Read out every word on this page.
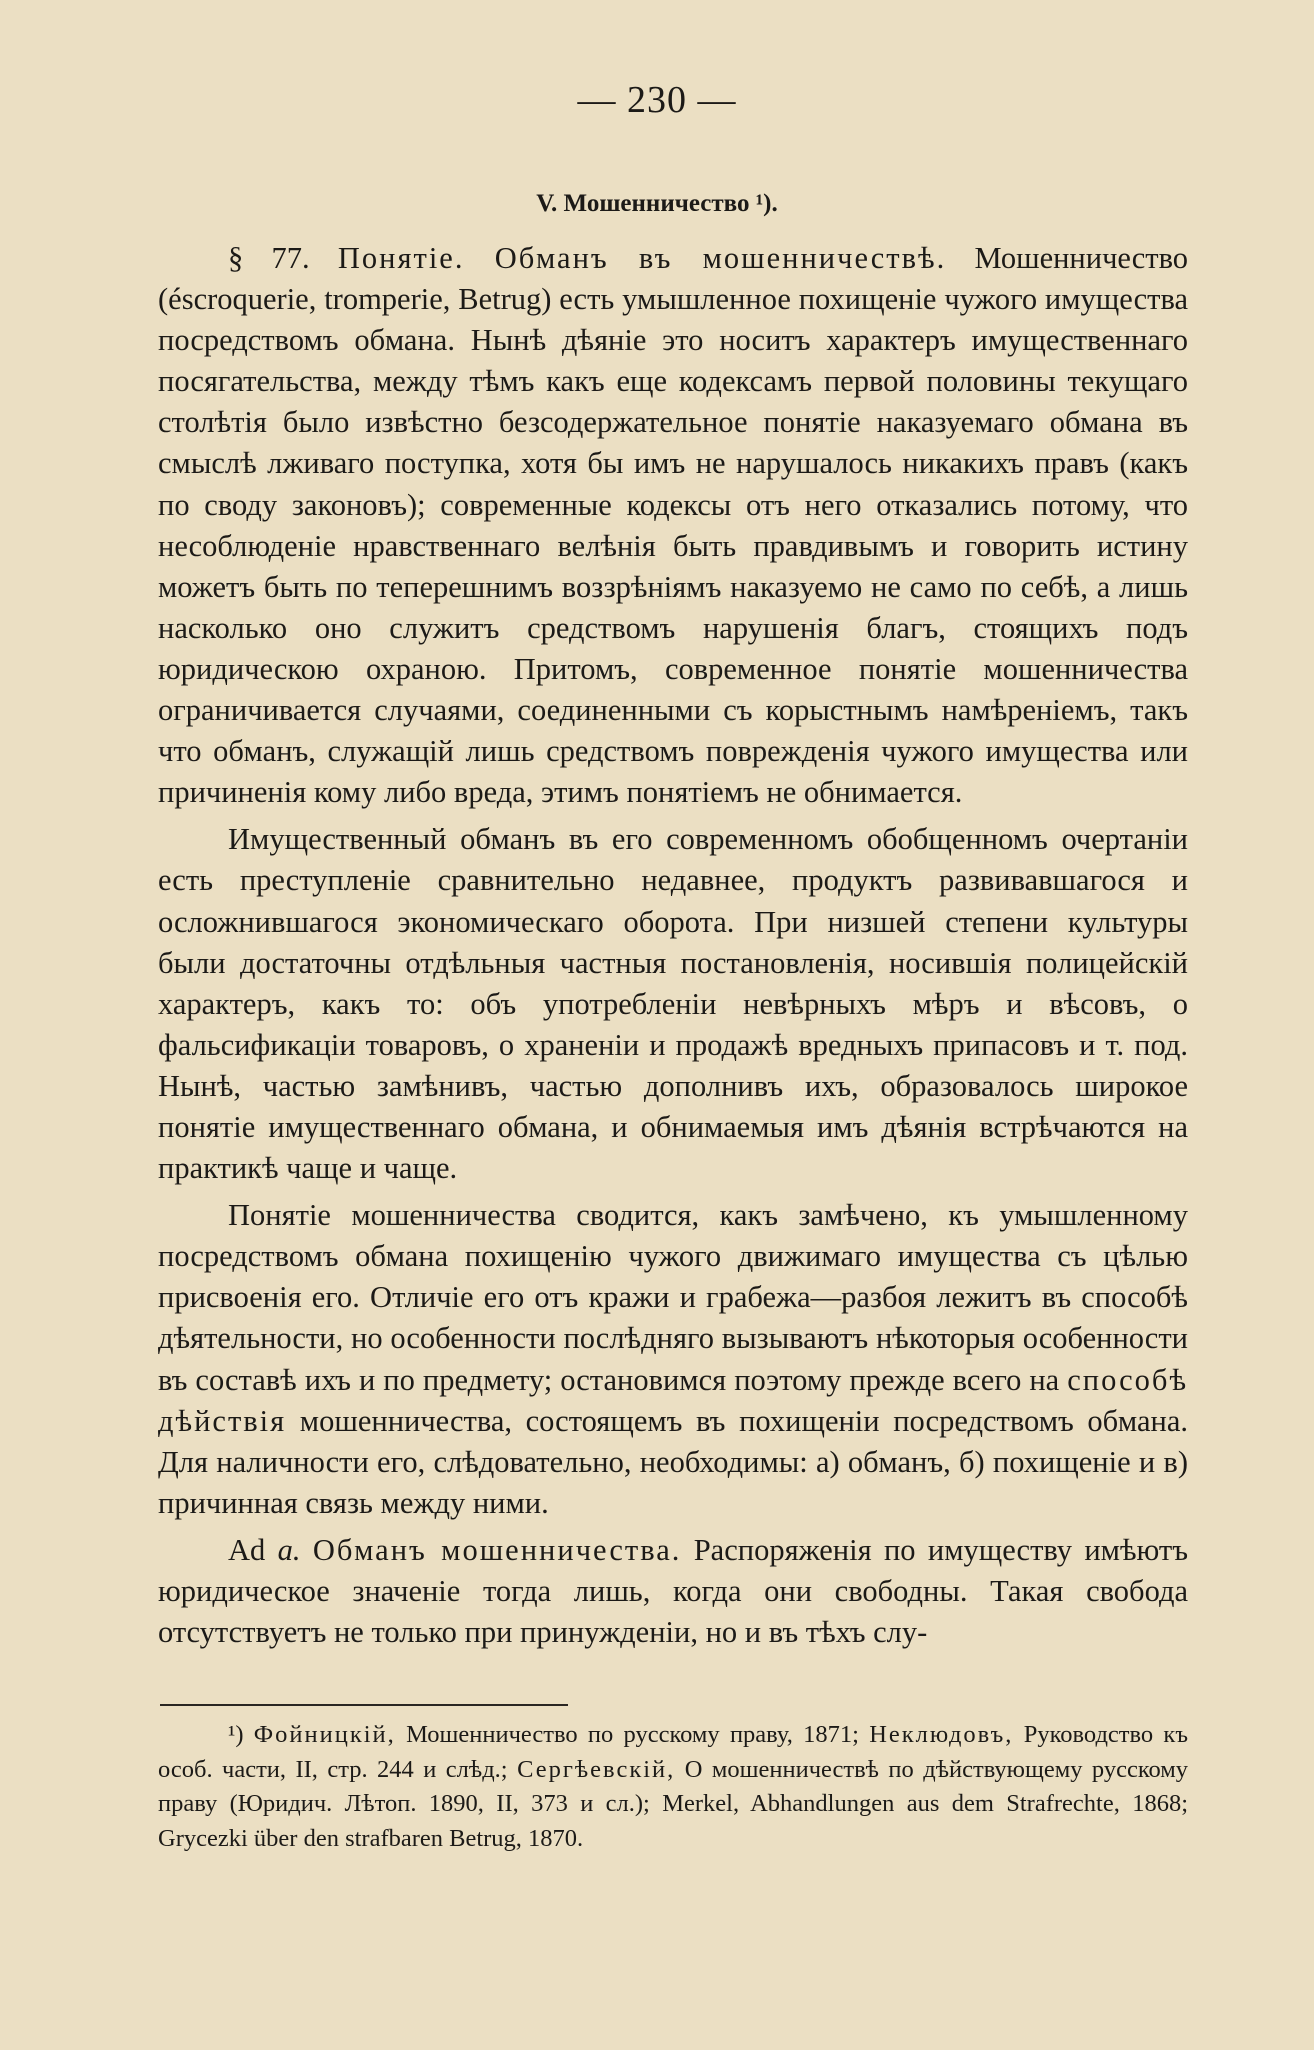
— 230 —
V. Мошенничество ¹).

§ 77. Понятіе. Обманъ въ мошенничествѣ. Мошенничество (éscroquerie, tromperie, Betrug) есть умышленное похищеніе чужого имущества посредствомъ обмана. Нынѣ дѣяніе это носитъ характеръ имущественнаго посягательства, между тѣмъ какъ еще кодексамъ первой половины текущаго столѣтія было извѣстно безсодержательное понятіе наказуемаго обмана въ смыслѣ лживаго поступка, хотя бы имъ не нарушалось никакихъ правъ (какъ по своду законовъ); современные кодексы отъ него отказались потому, что несоблюденіе нравственнаго велѣнія быть правдивымъ и говорить истину можетъ быть по теперешнимъ воззрѣніямъ наказуемо не само по себѣ, а лишь насколько оно служитъ средствомъ нарушенія благъ, стоящихъ подъ юридическою охраною. Притомъ, современное понятіе мошенничества ограничивается случаями, соединенными съ корыстнымъ намѣреніемъ, такъ что обманъ, служащій лишь средствомъ поврежденія чужого имущества или причиненія кому либо вреда, этимъ понятіемъ не обнимается.

Имущественный обманъ въ его современномъ обобщенномъ очертаніи есть преступленіе сравнительно недавнее, продуктъ развивавшагося и осложнившагося экономическаго оборота. При низшей степени культуры были достаточны отдѣльныя частныя постановленія, носившія полицейскій характеръ, какъ то: объ употребленіи невѣрныхъ мѣръ и вѣсовъ, о фальсификаціи товаровъ, о храненіи и продажѣ вредныхъ припасовъ и т. под. Нынѣ, частью замѣнивъ, частью дополнивъ ихъ, образовалось широкое понятіе имущественнаго обмана, и обнимаемыя имъ дѣянія встрѣчаются на практикѣ чаще и чаще.

Понятіе мошенничества сводится, какъ замѣчено, къ умышленному посредствомъ обмана похищенію чужого движимаго имущества съ цѣлью присвоенія его. Отличіе его отъ кражи и грабежа—разбоя лежитъ въ способѣ дѣятельности, но особенности послѣдняго вызываютъ нѣкоторыя особенности въ составѣ ихъ и по предмету; остановимся поэтому прежде всего на способѣ дѣйствія мошенничества, состоящемъ въ похищеніи посредствомъ обмана. Для наличности его, слѣдовательно, необходимы: а) обманъ, б) похищеніе и в) причинная связь между ними.

Ad a. Обманъ мошенничества. Распоряженія по имуществу имѣютъ юридическое значеніе тогда лишь, когда они свободны. Такая свобода отсутствуетъ не только при принужденіи, но и въ тѣхъ слу-

¹) Фойницкій, Мошенничество по русскому праву, 1871; Неклюдовъ, Руководство къ особ. части, II, стр. 244 и слѣд.; Сергѣевскій, О мошенничествѣ по дѣйствующему русскому праву (Юридич. Лѣтоп. 1890, II, 373 и сл.); Merkel, Abhandlungen aus dem Strafrechte, 1868; Grycezki über den strafbaren Betrug, 1870.
